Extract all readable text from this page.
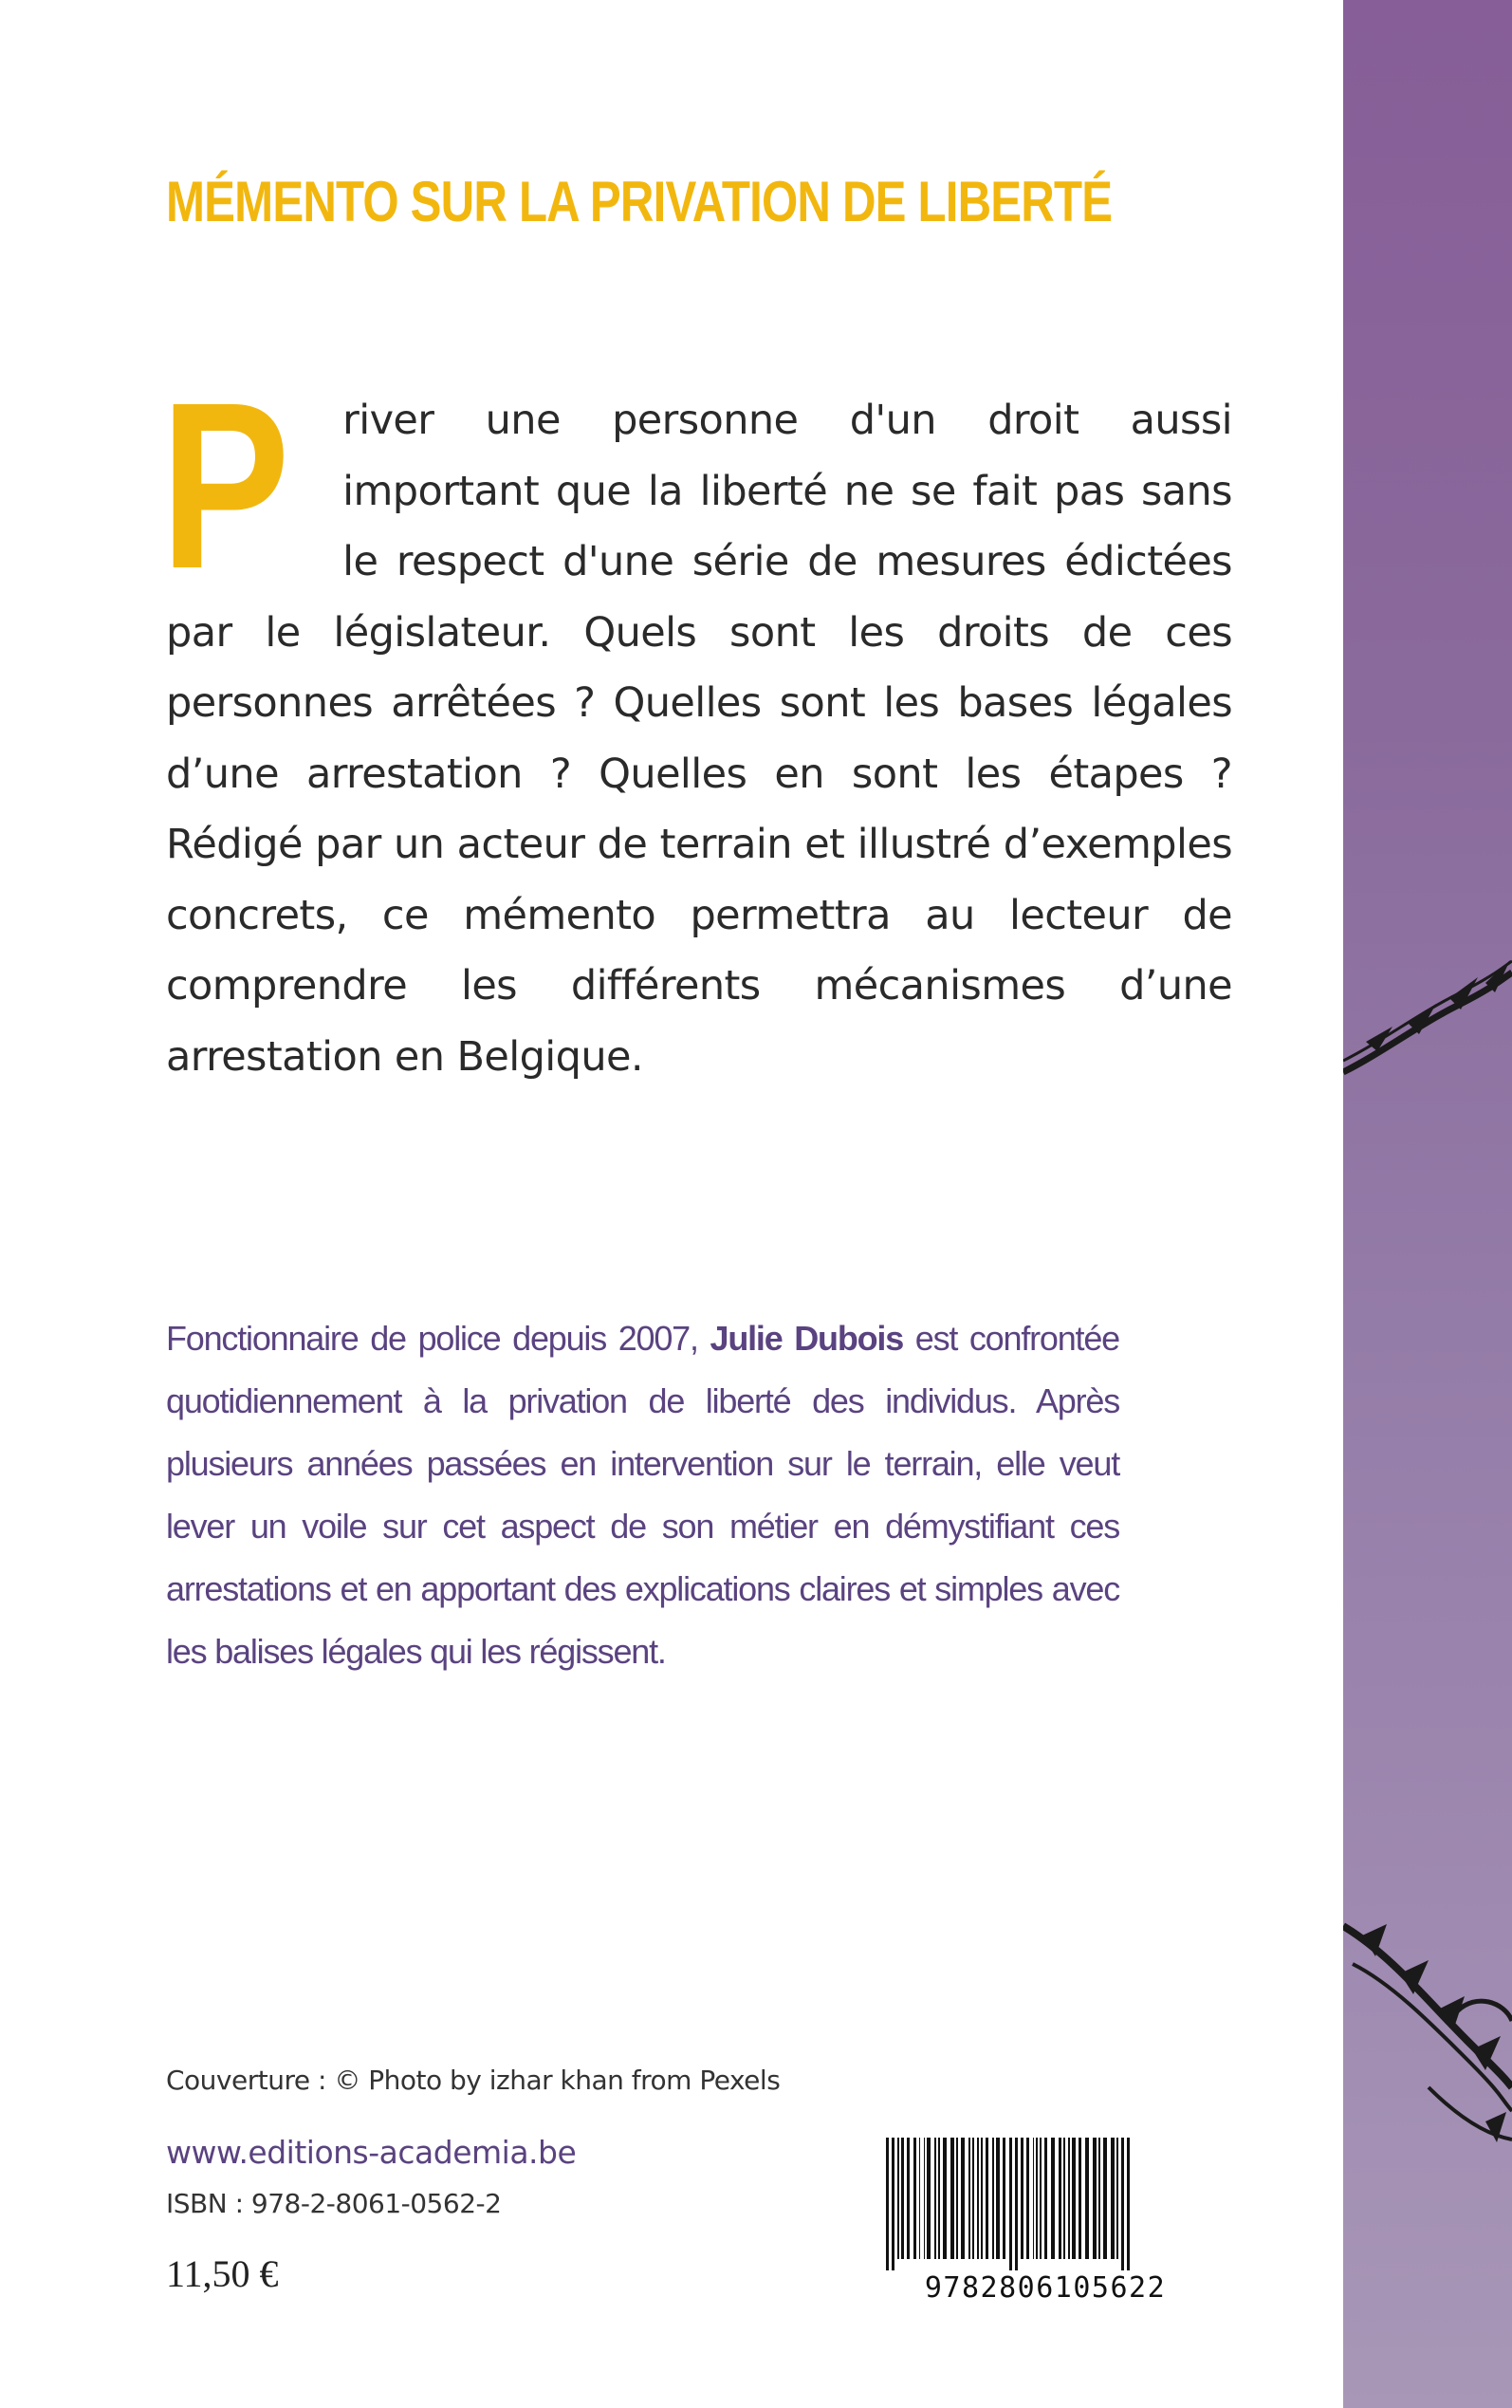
MÉMENTO SUR LA PRIVATION DE LIBERTÉ
P river une personne d'un droit aussi important que la liberté ne se fait pas sans le respect d'une série de mesures édictées par le législateur. Quels sont les droits de ces personnes arrêtées ? Quelles sont les bases légales d’une arrestation ? Quelles en sont les étapes ? Rédigé par un acteur de terrain et illustré d’exemples concrets, ce mémento permettra au lecteur de comprendre les différents mécanismes d’une arrestation en Belgique.
Fonctionnaire de police depuis 2007, Julie Dubois est confrontée quotidiennement à la privation de liberté des individus. Après plusieurs années passées en intervention sur le terrain, elle veut lever un voile sur cet aspect de son métier en démystifiant ces arrestations et en apportant des explications claires et simples avec les balises légales qui les régissent.
Couverture : © Photo by izhar khan from Pexels
www.editions-academia.be
ISBN : 978-2-8061-0562-2
11,50 €	9782806105622
